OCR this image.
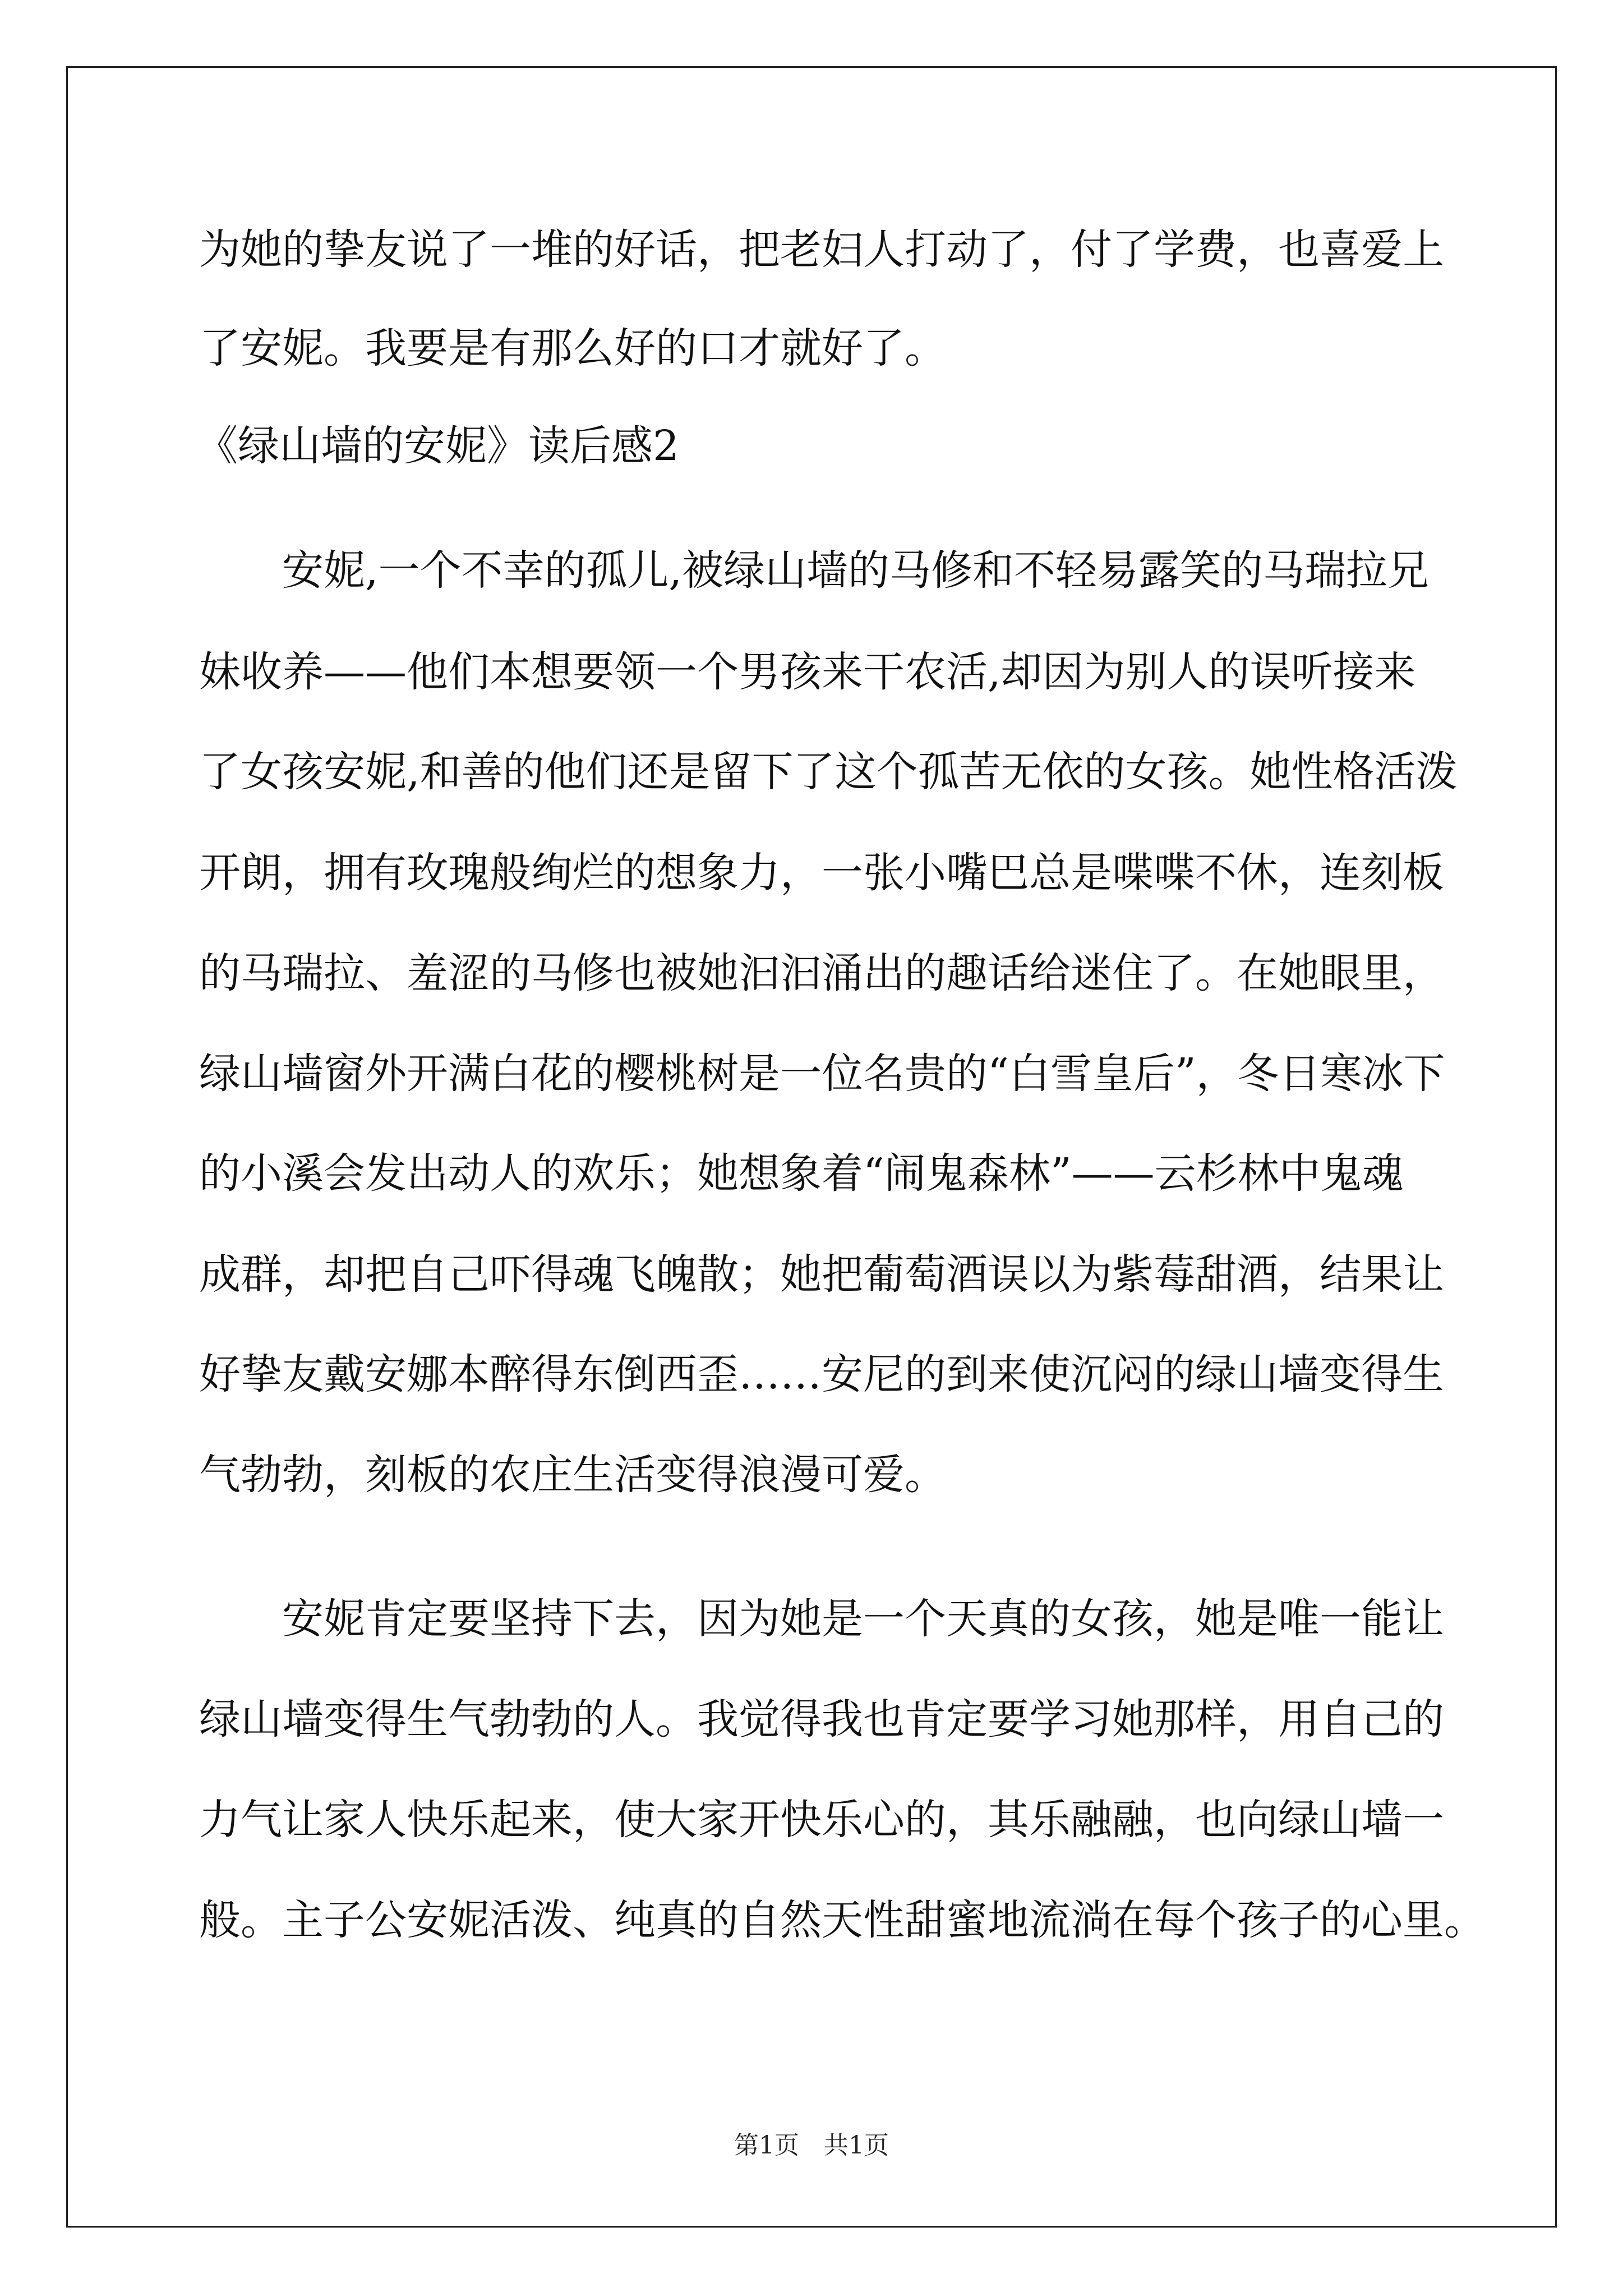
为她的挚友说了一堆的好话，把老妇人打动了，付了学费，也喜爱上
了安妮。我要是有那么好的口才就好了。
《绿山墙的安妮》读后感2
　　安妮,一个不幸的孤儿,被绿山墙的马修和不轻易露笑的马瑞拉兄
妹收养——他们本想要领一个男孩来干农活,却因为别人的误听接来
了女孩安妮,和善的他们还是留下了这个孤苦无依的女孩。她性格活泼
开朗，拥有玫瑰般绚烂的想象力，一张小嘴巴总是喋喋不休，连刻板
的马瑞拉、羞涩的马修也被她汩汩涌出的趣话给迷住了。在她眼里，
绿山墙窗外开满白花的樱桃树是一位名贵的“白雪皇后”，冬日寒冰下
的小溪会发出动人的欢乐；她想象着“闹鬼森林”——云杉林中鬼魂
成群，却把自己吓得魂飞魄散；她把葡萄酒误以为紫莓甜酒，结果让
好挚友戴安娜本醉得东倒西歪……安尼的到来使沉闷的绿山墙变得生
气勃勃，刻板的农庄生活变得浪漫可爱。
　　安妮肯定要坚持下去，因为她是一个天真的女孩，她是唯一能让
绿山墙变得生气勃勃的人。我觉得我也肯定要学习她那样，用自己的
力气让家人快乐起来，使大家开快乐心的，其乐融融，也向绿山墙一
般。主子公安妮活泼、纯真的自然天性甜蜜地流淌在每个孩子的心里。
第1页　共1页
